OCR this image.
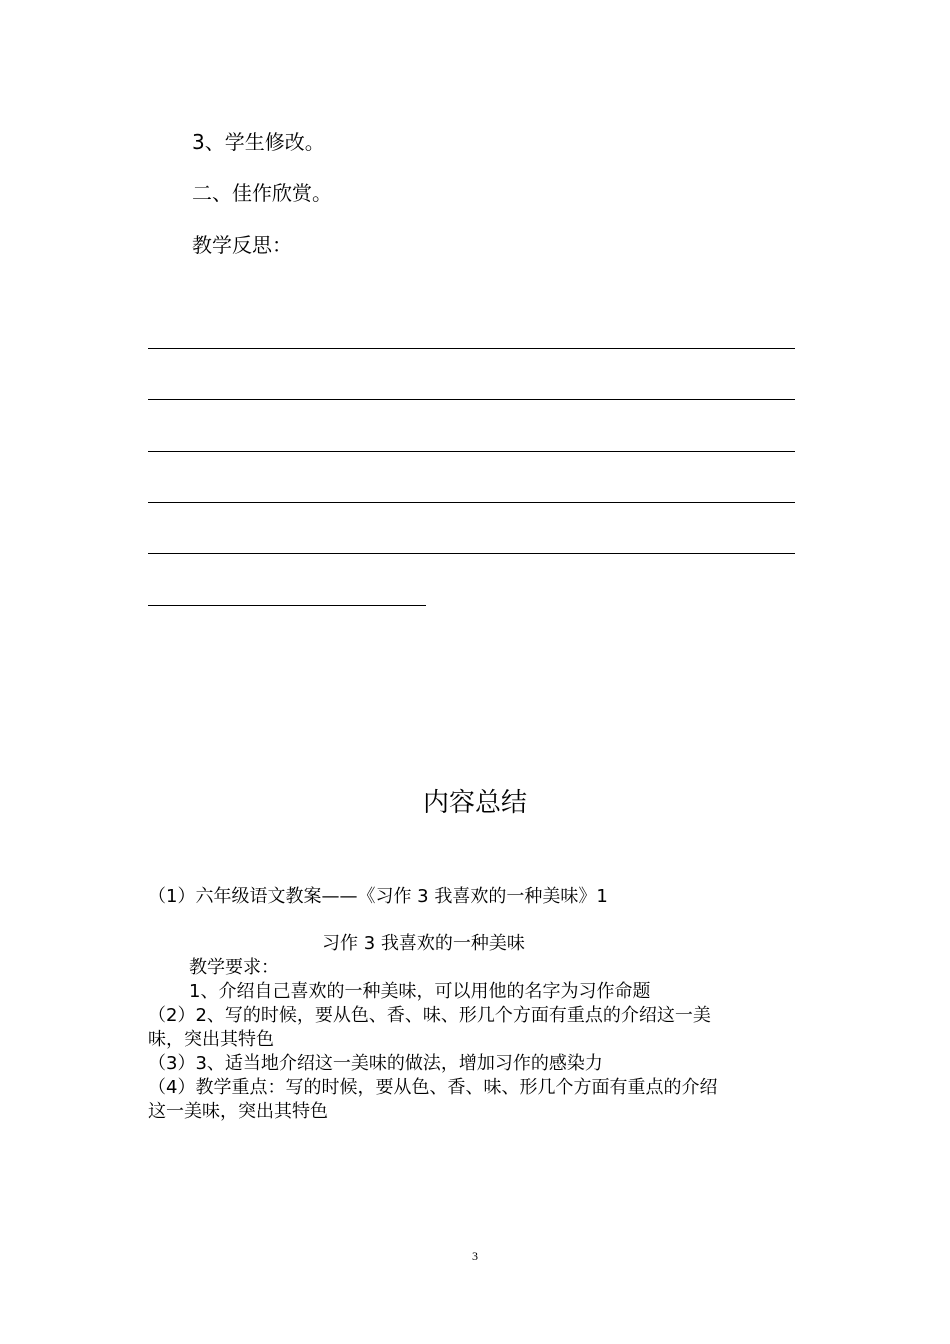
3、学生修改。
二、佳作欣赏。
教学反思：
内容总结
（1）六年级语文教案——《习作 3 我喜欢的一种美味》1
习作 3 我喜欢的一种美味
教学要求：
1、介绍自己喜欢的一种美味，可以用他的名字为习作命题
（2）2、写的时候，要从色、香、味、形几个方面有重点的介绍这一美
味，突出其特色
（3）3、适当地介绍这一美味的做法，增加习作的感染力
（4）教学重点：写的时候，要从色、香、味、形几个方面有重点的介绍
这一美味，突出其特色
3
